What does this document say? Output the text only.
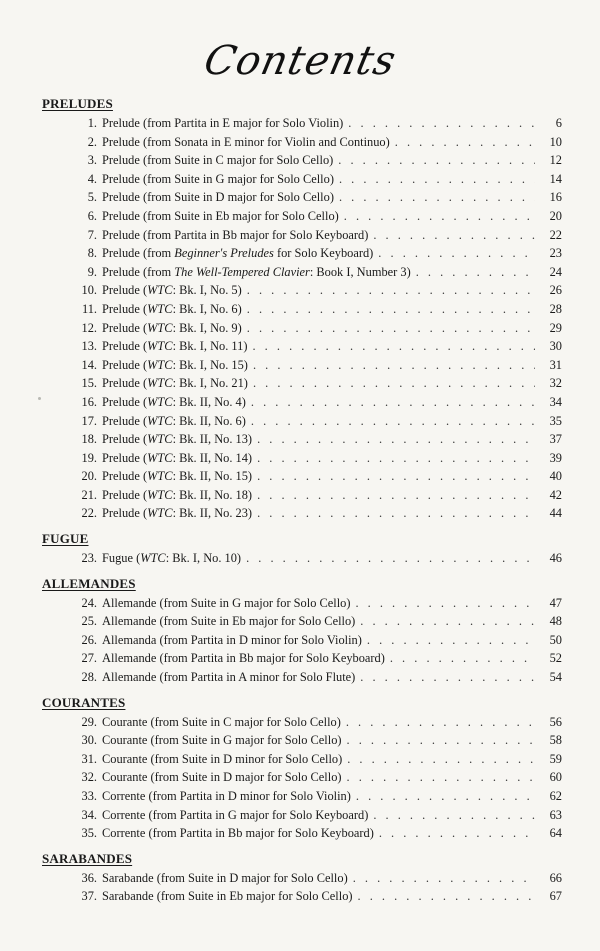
Contents
PRELUDES
1. Prelude (from Partita in E major for Solo Violin) . . .	6
2. Prelude (from Sonata in E minor for Violin and Continuo) . . .	10
3. Prelude (from Suite in C major for Solo Cello) . . .	12
4. Prelude (from Suite in G major for Solo Cello) . . .	14
5. Prelude (from Suite in D major for Solo Cello) . . .	16
6. Prelude (from Suite in Eb major for Solo Cello) . . .	20
7. Prelude (from Partita in Bb major for Solo Keyboard) . . .	22
8. Prelude (from Beginner's Preludes for Solo Keyboard) . . .	23
9. Prelude (from The Well-Tempered Clavier: Book I, Number 3) . . .	24
10. Prelude (WTC: Bk. I, No. 5) . . .	26
11. Prelude (WTC: Bk. I, No. 6) . . .	28
12. Prelude (WTC: Bk. I, No. 9) . . .	29
13. Prelude (WTC: Bk. I, No. 11) . . .	30
14. Prelude (WTC: Bk. I, No. 15) . . .	31
15. Prelude (WTC: Bk. I, No. 21) . . .	32
16. Prelude (WTC: Bk. II, No. 4) . . .	34
17. Prelude (WTC: Bk. II, No. 6) . . .	35
18. Prelude (WTC: Bk. II, No. 13) . . .	37
19. Prelude (WTC: Bk. II, No. 14) . . .	39
20. Prelude (WTC: Bk. II, No. 15) . . .	40
21. Prelude (WTC: Bk. II, No. 18) . . .	42
22. Prelude (WTC: Bk. II, No. 23) . . .	44
FUGUE
23. Fugue (WTC: Bk. I, No. 10) . . .	46
ALLEMANDES
24. Allemande (from Suite in G major for Solo Cello) . . .	47
25. Allemande (from Suite in Eb major for Solo Cello) . . .	48
26. Allemanda (from Partita in D minor for Solo Violin) . . .	50
27. Allemande (from Partita in Bb major for Solo Keyboard) . . .	52
28. Allemande (from Partita in A minor for Solo Flute) . . .	54
COURANTES
29. Courante (from Suite in C major for Solo Cello) . . .	56
30. Courante (from Suite in G major for Solo Cello) . . .	58
31. Courante (from Suite in D minor for Solo Cello) . . .	59
32. Courante (from Suite in D major for Solo Cello) . . .	60
33. Corrente (from Partita in D minor for Solo Violin) . . .	62
34. Corrente (from Partita in G major for Solo Keyboard) . . .	63
35. Corrente (from Partita in Bb major for Solo Keyboard) . . .	64
SARABANDES
36. Sarabande (from Suite in D major for Solo Cello) . . .	66
37. Sarabande (from Suite in Eb major for Solo Cello) . . .	67
